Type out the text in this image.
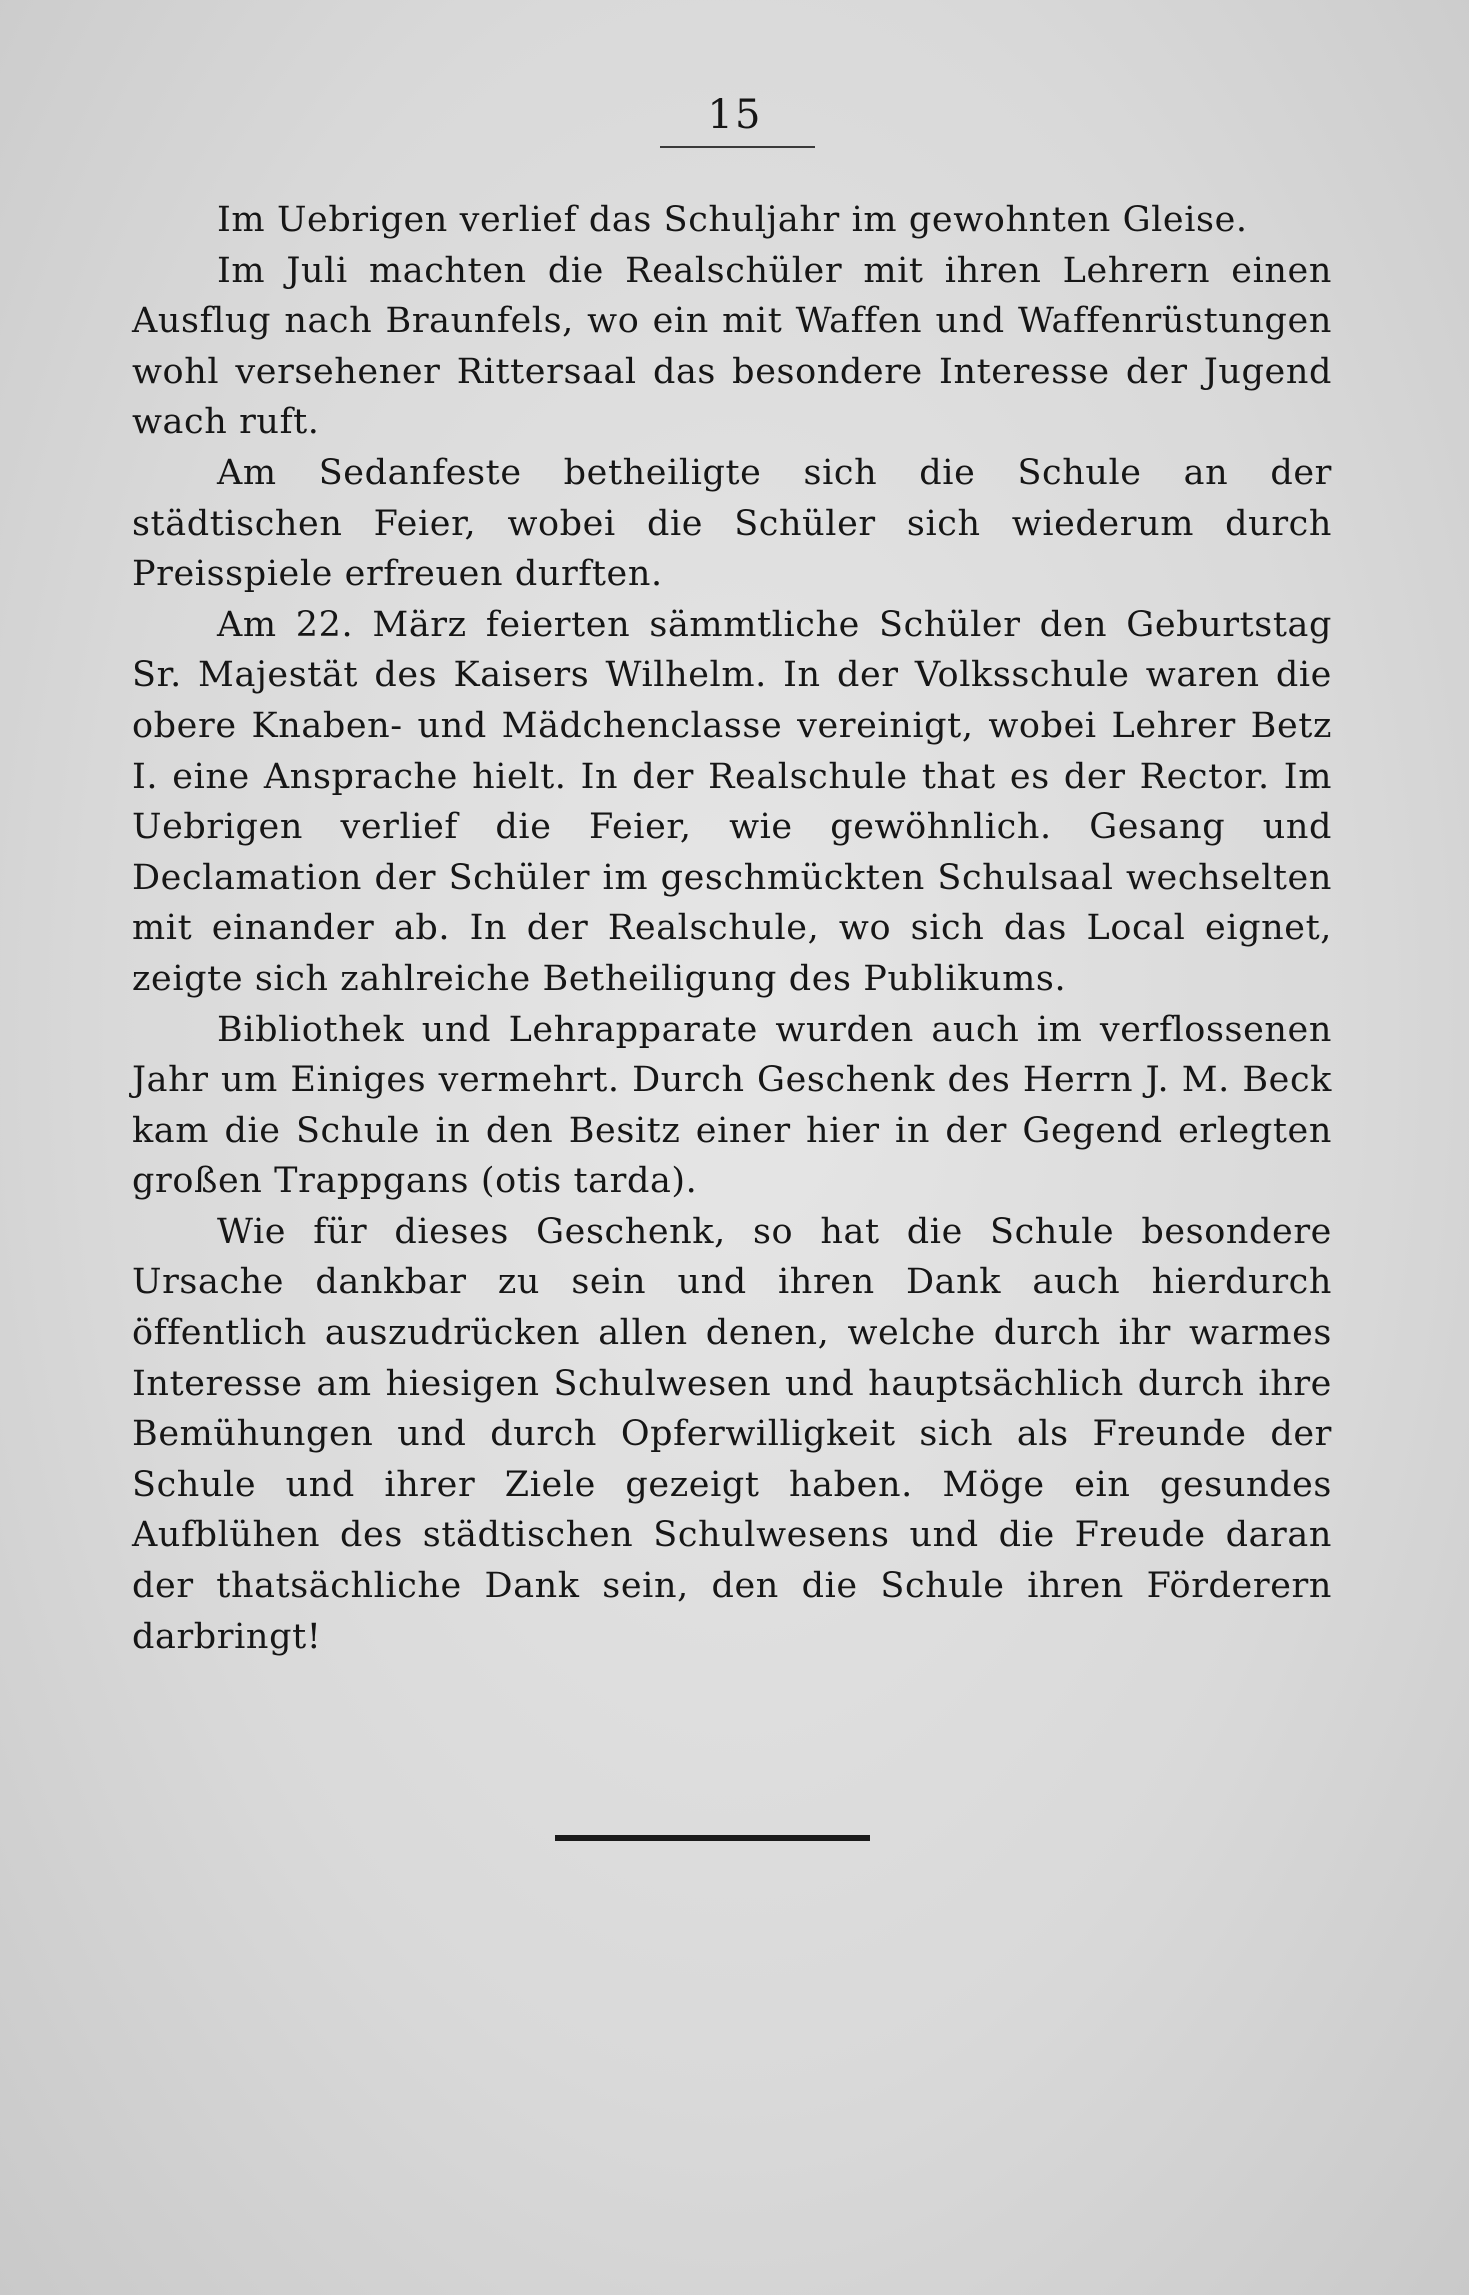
15

Im Uebrigen verlief das Schuljahr im gewohnten Gleise.

Im Juli machten die Realschüler mit ihren Lehrern einen Ausflug nach Braunfels, wo ein mit Waffen und Waffenrüstungen wohl versehener Rittersaal das besondere Interesse der Jugend wach ruft.

Am Sedanfeste betheiligte sich die Schule an der städtischen Feier, wobei die Schüler sich wiederum durch Preisspiele erfreuen durften.

Am 22. März feierten sämmtliche Schüler den Geburtstag Sr. Majestät des Kaisers Wilhelm. In der Volksschule waren die obere Knaben- und Mädchenclasse vereinigt, wobei Lehrer Betz I. eine Ansprache hielt. In der Realschule that es der Rector. Im Uebrigen verlief die Feier, wie gewöhnlich. Gesang und Declamation der Schüler im geschmückten Schulsaal wechselten mit einander ab. In der Realschule, wo sich das Local eignet, zeigte sich zahlreiche Betheiligung des Publikums.

Bibliothek und Lehrapparate wurden auch im verflossenen Jahr um Einiges vermehrt. Durch Geschenk des Herrn J. M. Beck kam die Schule in den Besitz einer hier in der Gegend erlegten großen Trappgans (otis tarda).

Wie für dieses Geschenk, so hat die Schule besondere Ursache dankbar zu sein und ihren Dank auch hierdurch öffentlich auszudrücken allen denen, welche durch ihr warmes Interesse am hiesigen Schulwesen und hauptsächlich durch ihre Bemühungen und durch Opferwilligkeit sich als Freunde der Schule und ihrer Ziele gezeigt haben. Möge ein gesundes Aufblühen des städtischen Schulwesens und die Freude daran der thatsächliche Dank sein, den die Schule ihren Förderern darbringt!
